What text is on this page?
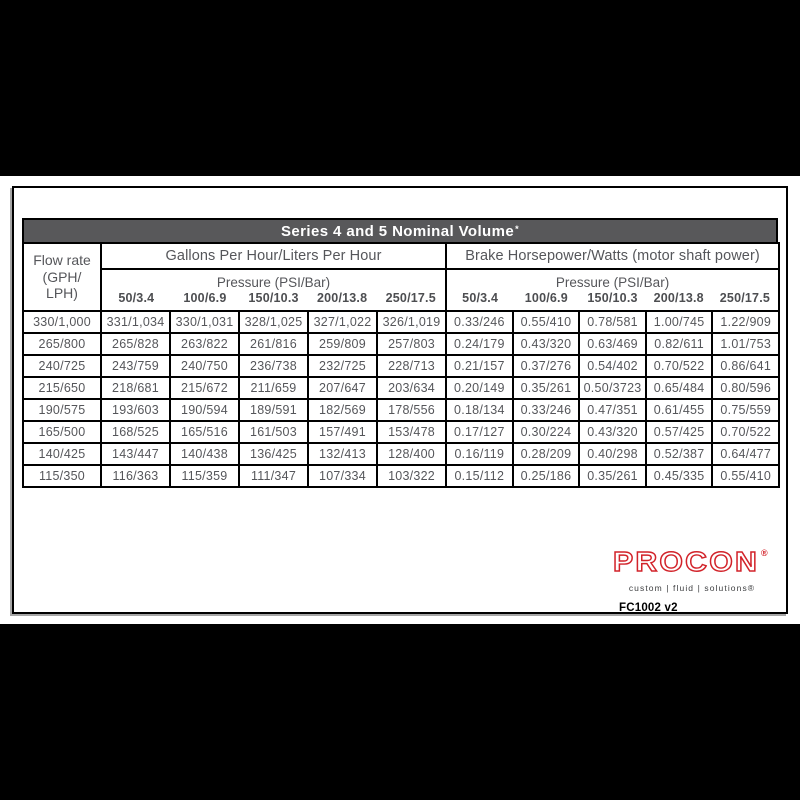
Series 4 and 5 Nominal Volume *
Flow rate
(GPH/
LPH)	Gallons Per Hour/Liters Per Hour					Brake Horsepower/Watts (motor shaft power)				

Pressure (PSI/Bar)
50/3.4	100/6.9	150/10.3	200/13.8	250/17.5

Pressure (PSI/Bar)
50/3.4	100/6.9	150/10.3	200/13.8	250/17.5

330/1,000	331/1,034	330/1,031	328/1,025	327/1,022	326/1,019	0.33/246	0.55/410	0.78/581	1.00/745	1.22/909
265/800	265/828	263/822	261/816	259/809	257/803	0.24/179	0.43/320	0.63/469	0.82/611	1.01/753
240/725	243/759	240/750	236/738	232/725	228/713	0.21/157	0.37/276	0.54/402	0.70/522	0.86/641
215/650	218/681	215/672	211/659	207/647	203/634	0.20/149	0.35/261	0.50/3723	0.65/484	0.80/596
190/575	193/603	190/594	189/591	182/569	178/556	0.18/134	0.33/246	0.47/351	0.61/455	0.75/559
165/500	168/525	165/516	161/503	157/491	153/478	0.17/127	0.30/224	0.43/320	0.57/425	0.70/522
140/425	143/447	140/438	136/425	132/413	128/400	0.16/119	0.28/209	0.40/298	0.52/387	0.64/477
115/350	116/363	115/359	111/347	107/334	103/322	0.15/112	0.25/186	0.35/261	0.45/335	0.55/410
PROCON ®
custom | fluid | solutions®
FC1002 v2
